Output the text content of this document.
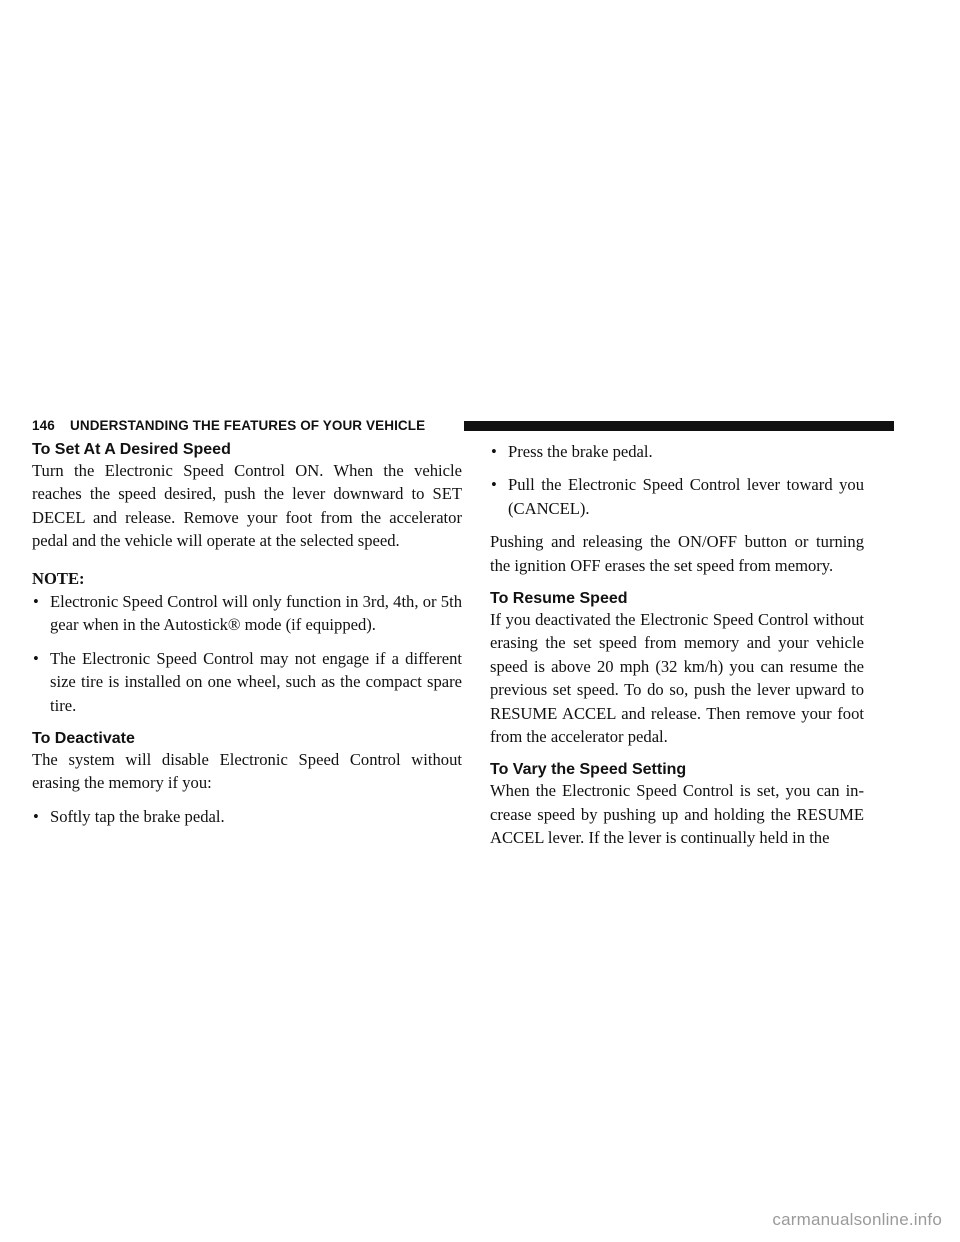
146 UNDERSTANDING THE FEATURES OF YOUR VEHICLE
To Set At A Desired Speed

Turn the Electronic Speed Control ON. When the vehicle reaches the speed desired, push the lever downward to SET DECEL and release. Remove your foot from the accelerator pedal and the vehicle will operate at the selected speed.

NOTE:

• Electronic Speed Control will only function in 3rd, 4th, or 5th gear when in the Autostick® mode (if equipped).
• The Electronic Speed Control may not engage if a different size tire is installed on one wheel, such as the compact spare tire.
To Deactivate

The system will disable Electronic Speed Control without erasing the memory if you:

• Softly tap the brake pedal.
• Press the brake pedal.
• Pull the Electronic Speed Control lever toward you (CANCEL).

Pushing and releasing the ON/OFF button or turning the ignition OFF erases the set speed from memory.

To Resume Speed

If you deactivated the Electronic Speed Control without erasing the set speed from memory and your vehicle speed is above 20 mph (32 km/h) you can resume the previous set speed. To do so, push the lever upward to RESUME ACCEL and release. Then remove your foot from the accelerator pedal.

To Vary the Speed Setting

When the Electronic Speed Control is set, you can in-crease speed by pushing up and holding the RESUME ACCEL lever. If the lever is continually held in the

carmanualsonline.info
